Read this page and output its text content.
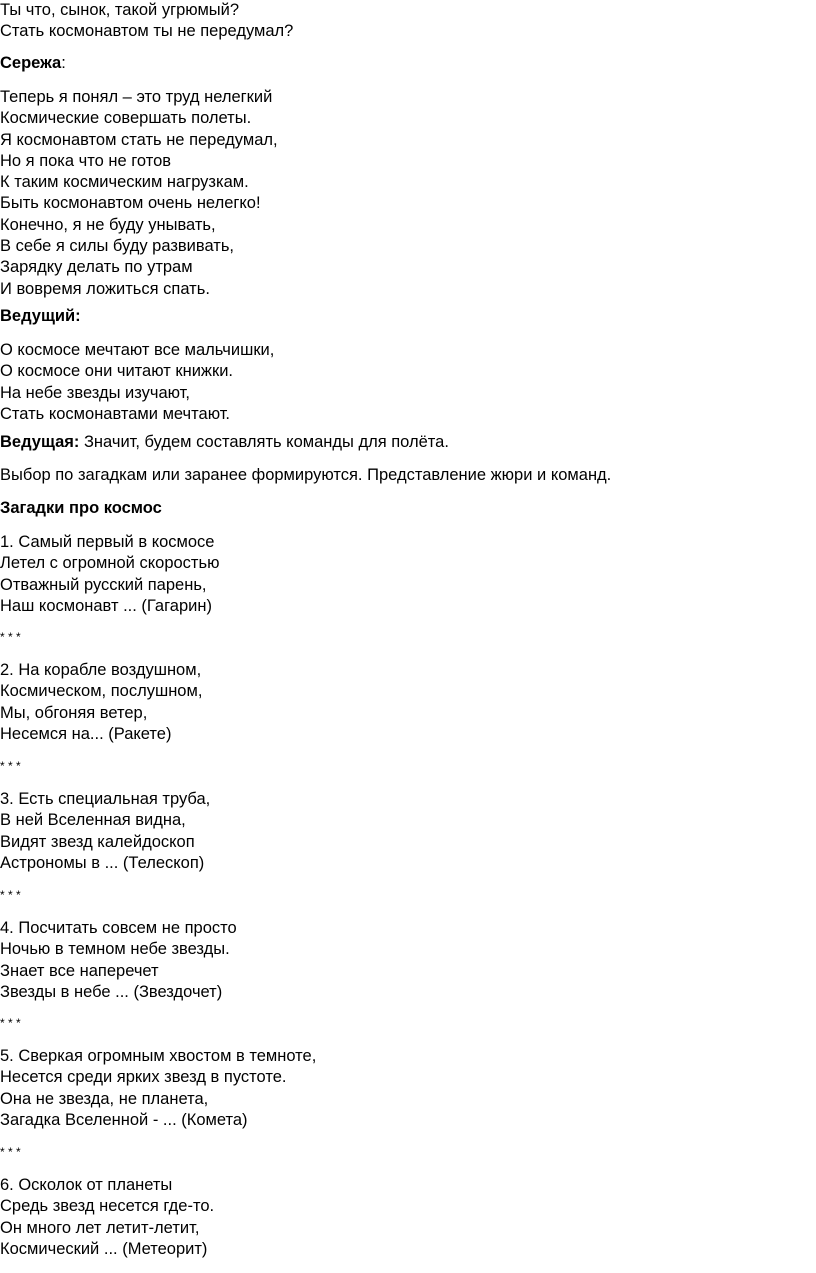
Ты что, сынок, такой угрюмый?
Стать космонавтом ты не передумал?
Сережа:
Теперь я понял – это труд нелегкий
Космические совершать полеты.
Я космонавтом стать не передумал,
Но я пока что не готов
К таким космическим нагрузкам.
Быть космонавтом очень нелегко!
Конечно, я не буду унывать,
В себе я силы буду развивать,
Зарядку делать по утрам
И вовремя ложиться спать.
Ведущий:
О космосе мечтают все мальчишки,
О космосе они читают книжки.
На небе звезды изучают,
Стать космонавтами мечтают.
Ведущая: Значит, будем составлять команды для полёта.
Выбор по загадкам или заранее формируются. Представление жюри и команд.
Загадки про космос
1. Самый первый в космосе
Летел с огромной скоростью
Отважный русский парень,
Наш космонавт ... (Гагарин)
* * *
2. На корабле воздушном,
Космическом, послушном,
Мы, обгоняя ветер,
Несемся на... (Ракете)
* * *
3. Есть специальная труба,
В ней Вселенная видна,
Видят звезд калейдоскоп
Астрономы в ... (Телескоп)
* * *
4. Посчитать совсем не просто
Ночью в темном небе звезды.
Знает все наперечет
Звезды в небе ... (Звездочет)
* * *
5. Сверкая огромным хвостом в темноте,
Несется среди ярких звезд в пустоте.
Она не звезда, не планета,
Загадка Вселенной - ... (Комета)
* * *
6. Осколок от планеты
Средь звезд несется где-то.
Он много лет летит-летит,
Космический ... (Метеорит)
